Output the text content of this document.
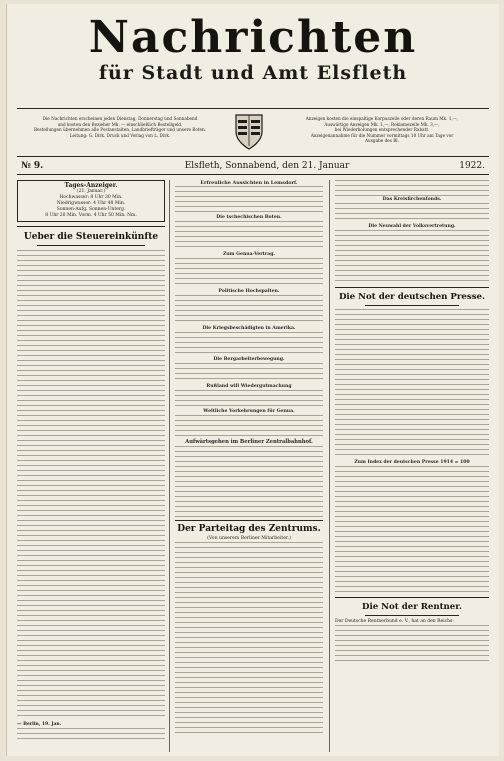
Nachrichten
für Stadt und Amt Elsfleth
Die Nachrichten erscheinen jeden Dienstag, Donnerstag und Sonnabend
und kosten den Bezieher Mk. — einschließlich Bestellgeld.
Bestellungen übernehmen alle Postanstalten, Landbriefträger und unsere Boten.
Leitung: G. Dirk. Druck und Verlag von L. Dirk.
Anzeigen kosten die einspaltige Korpuszeile oder deren Raum Mk. 1,—,
Auswärtige Anzeigen Mk. 1,—, Reklamezeile Mk. 3,—,
bei Wiederholungen entsprechender Rabatt.
Anzeigenannahme für die Nummer vormittags 10 Uhr am Tage vor
Ausgabe des Bl.
№ 9.	Elsfleth, Sonnabend, den 21. Januar	1922.
Tages-Anzeiger.
(21. Januar.)
Hochwasser: 8 Uhr 30 Min.
Niedrigwasser: 4 Uhr 48 Min.
Sonnen-Aufg. Sonnen-Unterg.
8 Uhr 20 Min. Vorm. 4 Uhr 50 Min. Nm.
Ueber die Steuereinkünfte
— Berlin, 19. Jan.
Erfreuliche Aussichten in Lemsdorf.
Die tschechischen Boten.
Zum Genua-Vertrag.
Politische Hochspalten.
Die Kriegsbeschädigten in Amerika.
Die Bergarbeiterbewegung.
Rußland will Wiedergutmachung
Weltliche Vorkehrungen für Genua.
Aufwärtsgehen im Berliner Zentralbahnhof.
Der Parteitag des Zentrums.
(Von unserem Berliner Mitarbeiter.)
Das Kreisfirchenfonds.
Die Neuwahl der Volksvertretung.
Die Not der deutschen Presse.
Zum Index der deutschen Presse 1914 = 100
Die Not der Rentner.
Der Deutsche Rentnerbund e. V., hat an den Reichs-
